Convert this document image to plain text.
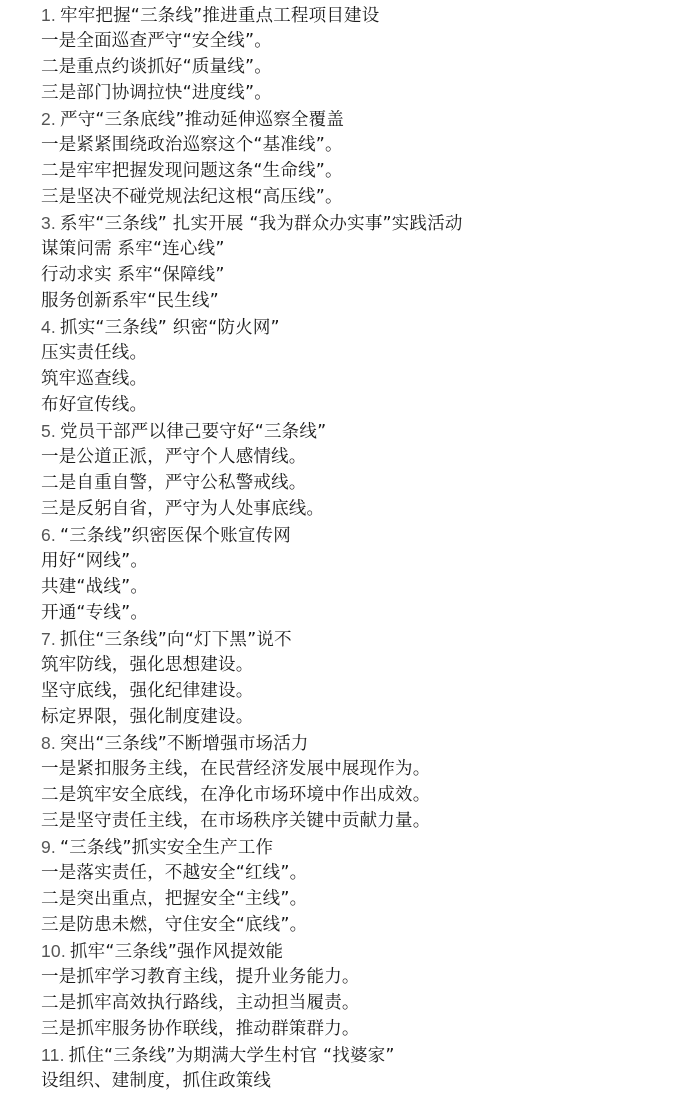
1. 牢牢把握“三条线”推进重点工程项目建设
一是全面巡查严守“安全线”。
二是重点约谈抓好“质量线”。
三是部门协调拉快“进度线”。
2. 严守“三条底线”推动延伸巡察全覆盖
一是紧紧围绕政治巡察这个“基准线”。
二是牢牢把握发现问题这条“生命线”。
三是坚决不碰党规法纪这根“高压线”。
3. 系牢“三条线” 扎实开展 “我为群众办实事”实践活动
谋策问需 系牢“连心线”
行动求实 系牢“保障线”
服务创新系牢“民生线”
4. 抓实“三条线” 织密“防火网”
压实责任线。
筑牢巡查线。
布好宣传线。
5. 党员干部严以律己要守好“三条线”
一是公道正派，严守个人感情线。
二是自重自警，严守公私警戒线。
三是反躬自省，严守为人处事底线。
6. “三条线”织密医保个账宣传网
用好“网线”。
共建“战线”。
开通“专线”。
7. 抓住“三条线”向“灯下黑”说不
筑牢防线，强化思想建设。
坚守底线，强化纪律建设。
标定界限，强化制度建设。
8. 突出“三条线”不断增强市场活力
一是紧扣服务主线，在民营经济发展中展现作为。
二是筑牢安全底线，在净化市场环境中作出成效。
三是坚守责任主线，在市场秩序关键中贡献力量。
9. “三条线”抓实安全生产工作
一是落实责任，不越安全“红线”。
二是突出重点，把握安全“主线”。
三是防患未燃，守住安全“底线”。
10. 抓牢“三条线”强作风提效能
一是抓牢学习教育主线，提升业务能力。
二是抓牢高效执行路线，主动担当履责。
三是抓牢服务协作联线，推动群策群力。
11. 抓住“三条线”为期满大学生村官 “找婆家”
设组织、建制度，抓住政策线
